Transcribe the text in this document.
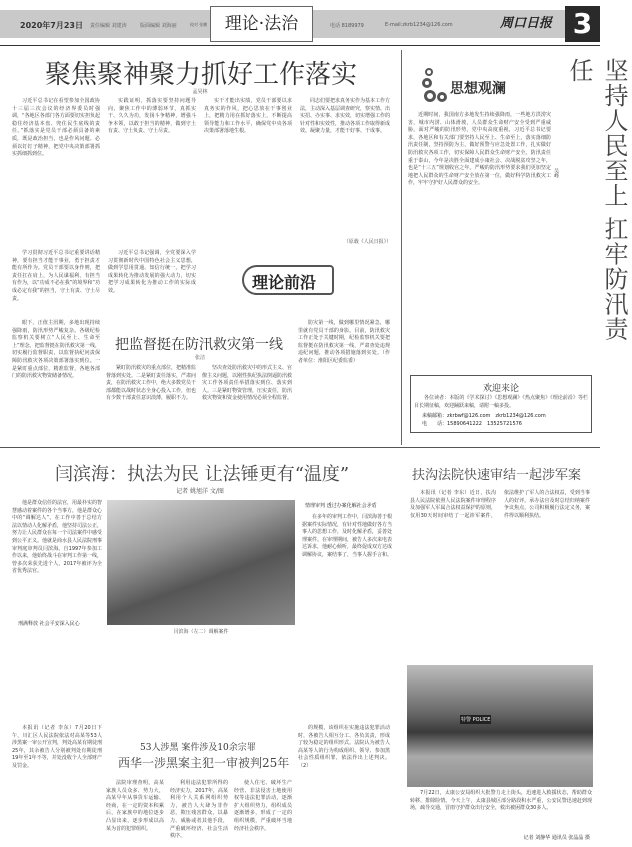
2020年7月23日 责任编辑 刘建涛	版面编辑 刘海丽	校对 张鹏	理论·法治	电话 8189979	E-mail:zkrb1234@126.com	周口日报 3
聚焦聚神聚力抓好工作落实
孟昊林
习近平总书记在看望参加全国政协十三届三次会议的经济界委员时强调，“各地区各部门各方面要切实担负起稳住经济基本盘、兜住民生底线的责任。”抓落实是党员干部必须具备的素质，既是政治担当，也是作风问题。必须以钉钉子精神，把党中央决策部署抓实抓细抓到位。
实践证明，抓落实要坚持问题导向，聚焦工作中的薄弱环节，真抓实干、久久为功，发扬斗争精神，增强斗争本领，以敢于担当的精神，做到守土有责、守土负责、守土尽责。
实干才能出实绩，党员干部要以求真务实的作风，把心思放在干事创业上，把精力用在抓好落实上，不断提高领导能力和工作水平，确保党中央各项决策部署落地生根。
同志们要把求真务实作为基本工作方法，主动深入基层调查研究，察实情、出实招、办实事、求实效，切实增强工作的针对性和实效性，推动各项工作取得新成效。凝聚力量，才能干好事、干成事。
（原载《人民日报》）
思想观澜	坚持人民至上 扛牢防汛责任
吴峰
近期时间，我国南方多地发生持续强降雨，一些地方洪涝灾害，城市内涝、山体滑坡，人员群众生命财产安全受到严重威胁。面对严峻的防汛形势，党中央高度重视，习近平总书记要求，各地区和有关部门要坚持人民至上、生命至上，落实落细防汛责任制，坚持预防为主，做好预警与应急处置工作，扎实做好防汛救灾各项工作，切实保障人民群众生命财产安全。防汛责任重于泰山，今年是决胜全面建成小康社会、决战脱贫攻坚之年，也是“十三五”规划收官之年。严峻的防汛形势要求我们更加坚定地把人民群众的生命财产安全放在第一位，做好科学防汛救灾工作，牢牢守护好人民群众的安全。
学习贯彻习近平总书记重要讲话精神，要有担当才能干事业，勇于担责才能有所作为。党员干部要以身作则，把责任扛在肩上，为人民谋福利，有担当有作为，以“功成不必在我”的境界和“功成必定有我”的担当，守土有责、守土尽责。
习近平总书记强调，全党要深入学习贯彻新时代中国特色社会主义思想，做到学思用贯通、知信行统一，把学习成果转化为推动发展的强大动力，切实把学习成果转化为推动工作的实际成效。	理论前沿
把监督挺在防汛救灾第一线
张洁
眼下，正值主汛期，多地出现持续强降雨，防汛形势严峻复杂。各级纪检监察机关要树立“人民至上、生命至上”理念，把监督挺在防汛救灾第一线，切实履行监督职责，以监督执纪问责保障防汛救灾各项决策部署落实到位。一是紧盯重点部位，精准监督，各地各部门的防汛救灾物资储备情况。
紧盯防汛救灾的重点部位，把精准监督落到实处。二是紧盯责任落实，严肃问责，在防汛救灾工作中，绝大多数党员干部都能以战时状态全身心投入工作，但也有少数干部责任意识淡薄，履职不力。
坚决查处防汛救灾中的形式主义、官僚主义问题，以刚性执纪执法倒逼防汛救灾工作各项责任举措落实到位、落实到人。三是紧盯物资管理，压实责任，防汛救灾物资和资金使用情况必须全程监督。
防灾第一线，做到哪里情况紧急，哪里就有党员干部的身影。目前，防汛救灾工作正处于关键时期，纪检监察机关要把监督挺在防汛救灾第一线，严肃查处违规违纪问题，推动各项措施落到实处。（作者单位：淮阳区纪委监委）
欢迎来论
各位读者：本版的《学术探讨》《思想观澜》《热点聚焦》《理论前沿》等栏目长期征稿，欢迎踊跃来稿，请附一稿多投。
来稿邮箱：zkrbwf@126.com　zkrb1234@126.com
电　　话：15890641222　13525721576
闫滨海：执法为民 让法锤更有“温度”
记者 姚旭洋 文/图
他是群众信任的法官，用最朴实的智慧感动着案件的各个当事方，他是群众心中的“调解达人”。在工作中善于总结方法以情动人化解矛盾，他坚持司法公正，努力让人民群众在每一个司法案件中感受到公平正义。他就是商水县人民法院刑事审判庭审判员闫滨海。自1997年参加工作以来，他始终战斗在审判工作第一线，曾多次荣获先进个人，2017年被评为全省优秀法官。
刑满释放 社会平安深入民心
闫滨海（左二）调解案件
情理审判 透过办案化解社会矛盾
在多年的审判工作中，闫滨海善于根据案件实际情况，有针对性地做好各方当事人的思想工作，及时化解矛盾，妥善处理案件。在审理期间，被告人多次来电表达诉求，他耐心倾听，最终促成双方达成调解协议，案结事了，当事人握手言和。
扶沟法院快速审结一起涉军案
本报讯（记者 李东）近日，扶沟县人民法院依照人民法院案件审理程序及加强军人军属合法权益保护的原则，仅用30天时间审结了一起涉军案件，依法维护了军人的合法权益，受到当事人的好评。承办法官及时总结归纳案件争议焦点，公司积极履行法定义务，案件得以顺利执结。
特警 POLICE
7月22日，太康公安局组织大批警力走上街头，迅速进入救援状态，帮助群众转移，排除险情。今天上午，太康县城区部分路段积水严重，公安民警迅速赶到现场，疏导交通，冒雨守护群众出行安全，救出被困群众30多人。
记者 刘静华 通讯员 张晶晶 摄
53人涉黑 案件涉及10余宗罪
西华一涉黑案主犯一审被判25年
本报讯（记者 李东）7月20日下午，川汇区人民法院依法对高某等53人涉黑案一审公开宣判，判处高某有期徒刑25年，其余被告人分别被判处有期徒刑19年至1年不等，并处没收个人全部财产及罚金。
法院审理查明，高某家族人员众多、势力大，高某早年从事货车运输、经商，在一定的资本积累后，在家族中的地位逐步凸显出来，逐步形成以高某为首的犯罪组织。
利用违法犯罪所得的经济实力，2017年，高某利用个人关系网组织势力，被告人大肆为非作恶，欺压残害群众，以暴力、威胁或者其他手段，严重破坏经济、社会生活秩序。
使人住宅、破坏生产经营、非法侵害土地使用权等违法犯罪活动，逐渐扩大组织势力，组织成员逐渐增多，形成了一定的组织规模，严重破坏当地经济社会秩序。
的规模，该组织在实施违法犯罪活动时，各被告人相互分工、各负其责，形成了较为稳定的组织形式。法院认为被告人高某等人的行为构成组织、领导、参加黑社会性质组织罪，依法作出上述判决。（2）
